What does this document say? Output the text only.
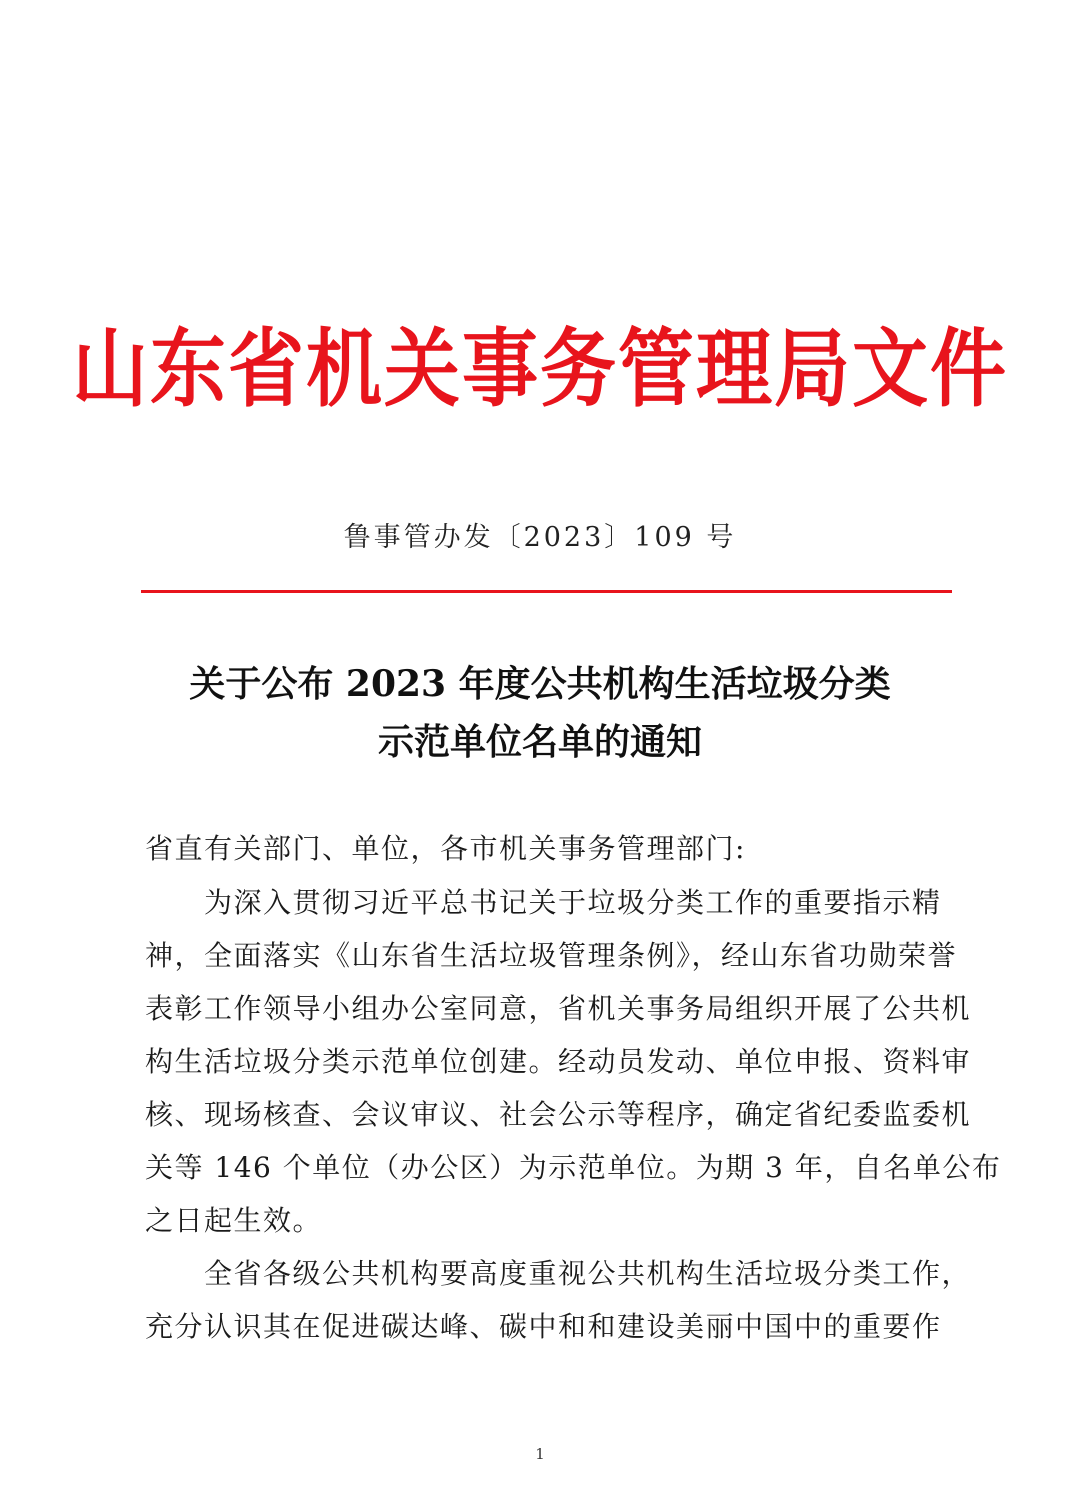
山东省机关事务管理局文件
鲁事管办发〔2023〕109 号
关于公布 2023 年度公共机构生活垃圾分类
示范单位名单的通知
省直有关部门、单位，各市机关事务管理部门:
　　为深入贯彻习近平总书记关于垃圾分类工作的重要指示精
神，全面落实《山东省生活垃圾管理条例》，经山东省功勋荣誉
表彰工作领导小组办公室同意，省机关事务局组织开展了公共机
构生活垃圾分类示范单位创建。经动员发动、单位申报、资料审
核、现场核查、会议审议、社会公示等程序，确定省纪委监委机
关等 146 个单位（办公区）为示范单位。为期 3 年，自名单公布
之日起生效。
　　全省各级公共机构要高度重视公共机构生活垃圾分类工作，
充分认识其在促进碳达峰、碳中和和建设美丽中国中的重要作
1
